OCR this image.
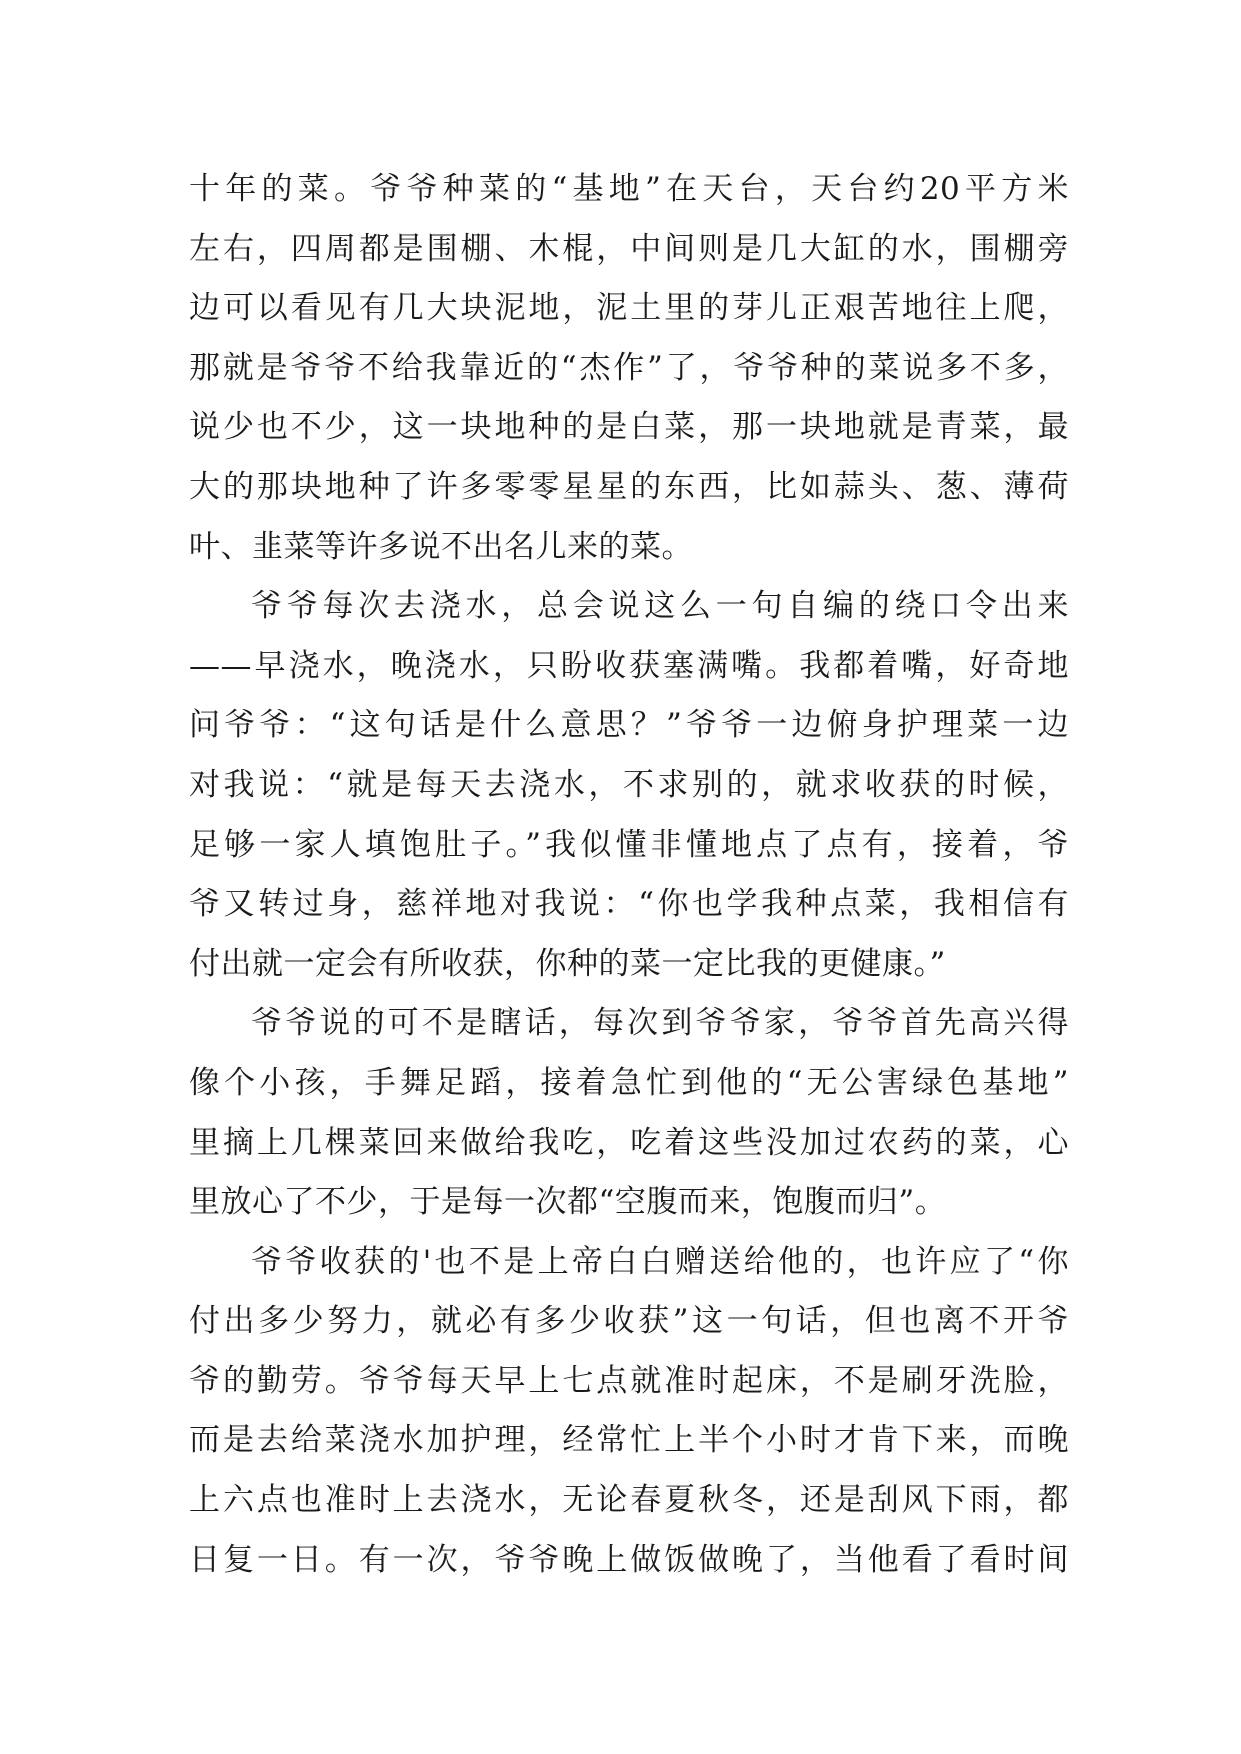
十年的菜。爷爷种菜的“基地”在天台，天台约20平方米
左右，四周都是围棚、木棍，中间则是几大缸的水，围棚旁
边可以看见有几大块泥地，泥土里的芽儿正艰苦地往上爬，
那就是爷爷不给我靠近的“杰作”了，爷爷种的菜说多不多，
说少也不少，这一块地种的是白菜，那一块地就是青菜，最
大的那块地种了许多零零星星的东西，比如蒜头、葱、薄荷
叶、韭菜等许多说不出名儿来的菜。
爷爷每次去浇水，总会说这么一句自编的绕口令出来
——早浇水，晚浇水，只盼收获塞满嘴。我都着嘴，好奇地
问爷爷：“这句话是什么意思？”爷爷一边俯身护理菜一边
对我说：“就是每天去浇水，不求别的，就求收获的时候，
足够一家人填饱肚子。”我似懂非懂地点了点有，接着，爷
爷又转过身，慈祥地对我说：“你也学我种点菜，我相信有
付出就一定会有所收获，你种的菜一定比我的更健康。”
爷爷说的可不是瞎话，每次到爷爷家，爷爷首先高兴得
像个小孩，手舞足蹈，接着急忙到他的“无公害绿色基地”
里摘上几棵菜回来做给我吃，吃着这些没加过农药的菜，心
里放心了不少，于是每一次都“空腹而来，饱腹而归”。
爷爷收获的'也不是上帝白白赠送给他的，也许应了“你
付出多少努力，就必有多少收获”这一句话，但也离不开爷
爷的勤劳。爷爷每天早上七点就准时起床，不是刷牙洗脸，
而是去给菜浇水加护理，经常忙上半个小时才肯下来，而晚
上六点也准时上去浇水，无论春夏秋冬，还是刮风下雨，都
日复一日。有一次，爷爷晚上做饭做晚了，当他看了看时间
